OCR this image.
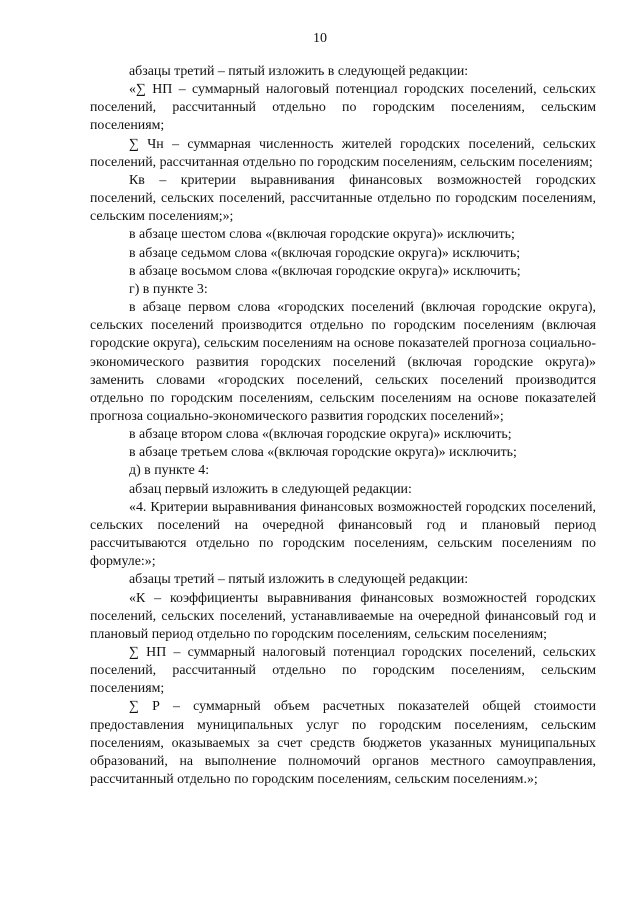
10

абзацы третий – пятый изложить в следующей редакции:

«∑ НП – суммарный налоговый потенциал городских поселений, сельских поселений, рассчитанный отдельно по городским поселениям, сельским поселениям;

∑ Чн – суммарная численность жителей городских поселений, сельских поселений, рассчитанная отдельно по городским поселениям, сельским поселениям;

Кв – критерии выравнивания финансовых возможностей городских поселений, сельских поселений, рассчитанные отдельно по городским поселениям, сельским поселениям;»;

в абзаце шестом слова «(включая городские округа)» исключить;

в абзаце седьмом слова «(включая городские округа)» исключить;

в абзаце восьмом слова «(включая городские округа)» исключить;

г) в пункте 3:

в абзаце первом слова «городских поселений (включая городские округа), сельских поселений производится отдельно по городским поселениям (включая городские округа), сельским поселениям на основе показателей прогноза социально-экономического развития городских поселений (включая городские округа)» заменить словами «городских поселений, сельских поселений производится отдельно по городским поселениям, сельским поселениям на основе показателей прогноза социально-экономического развития городских поселений»;

в абзаце втором слова «(включая городские округа)» исключить;

в абзаце третьем слова «(включая городские округа)» исключить;

д) в пункте 4:

абзац первый изложить в следующей редакции:

«4. Критерии выравнивания финансовых возможностей городских поселений, сельских поселений на очередной финансовый год и плановый период рассчитываются отдельно по городским поселениям, сельским поселениям по формуле:»;

абзацы третий – пятый изложить в следующей редакции:

«К – коэффициенты выравнивания финансовых возможностей городских поселений, сельских поселений, устанавливаемые на очередной финансовый год и плановый период отдельно по городским поселениям, сельским поселениям;

∑ НП – суммарный налоговый потенциал городских поселений, сельских поселений, рассчитанный отдельно по городским поселениям, сельским поселениям;

∑ Р – суммарный объем расчетных показателей общей стоимости предоставления муниципальных услуг по городским поселениям, сельским поселениям, оказываемых за счет средств бюджетов указанных муниципальных образований, на выполнение полномочий органов местного самоуправления, рассчитанный отдельно по городским поселениям, сельским поселениям.»;
